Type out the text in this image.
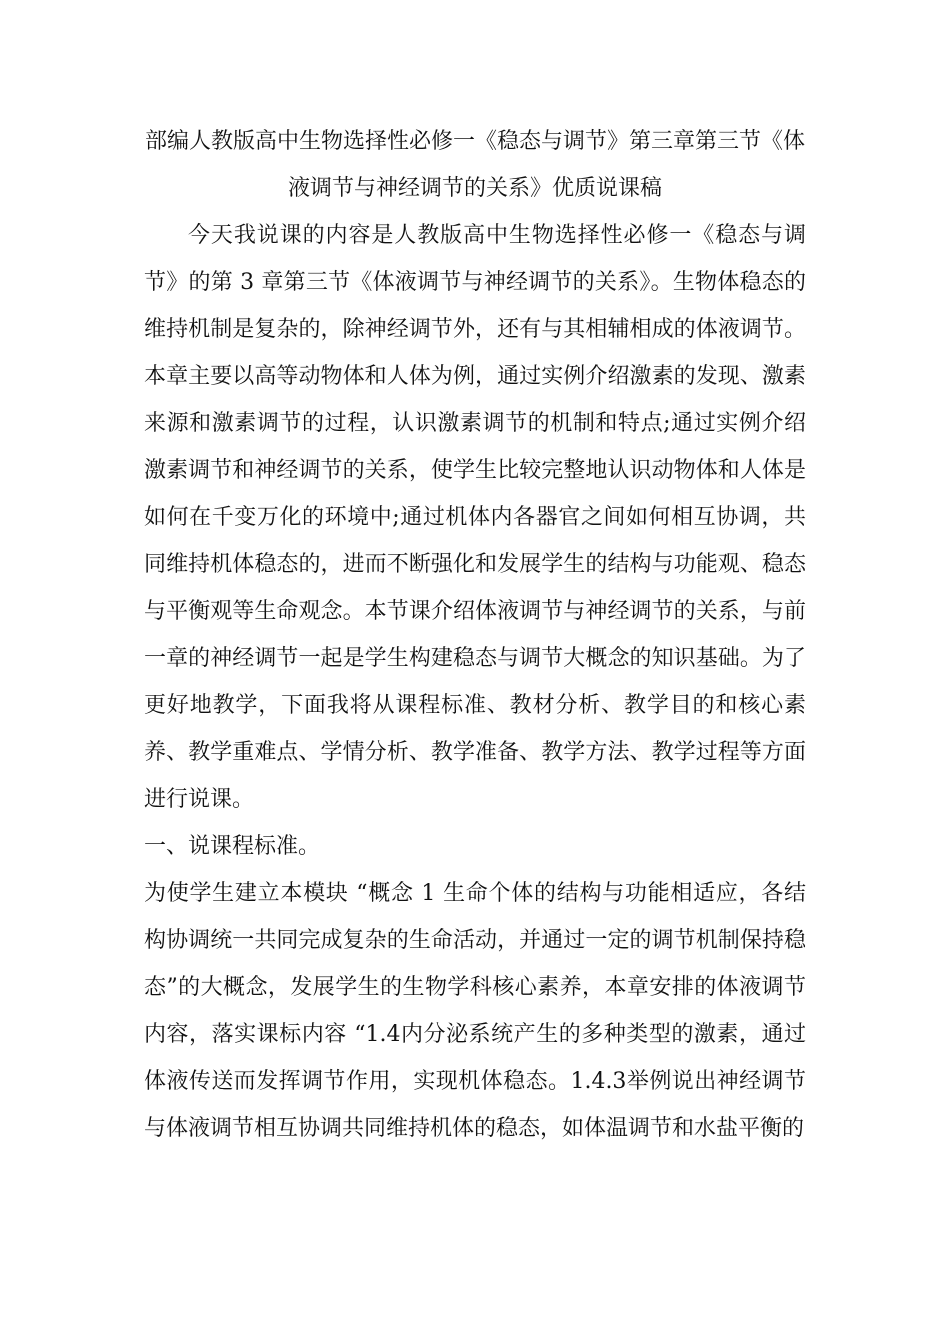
部编人教版高中生物选择性必修一《稳态与调节》第三章第三节《体液调节与神经调节的关系》优质说课稿

今天我说课的内容是人教版高中生物选择性必修一《稳态与调节》的第 3 章第三节《体液调节与神经调节的关系》。生物体稳态的维持机制是复杂的，除神经调节外，还有与其相辅相成的体液调节。本章主要以高等动物体和人体为例，通过实例介绍激素的发现、激素来源和激素调节的过程，认识激素调节的机制和特点;通过实例介绍激素调节和神经调节的关系，使学生比较完整地认识动物体和人体是如何在千变万化的环境中;通过机体内各器官之间如何相互协调，共同维持机体稳态的，进而不断强化和发展学生的结构与功能观、稳态与平衡观等生命观念。本节课介绍体液调节与神经调节的关系，与前一章的神经调节一起是学生构建稳态与调节大概念的知识基础。为了更好地教学，下面我将从课程标准、教材分析、教学目的和核心素养、教学重难点、学情分析、教学准备、教学方法、教学过程等方面进行说课。

一、说课程标准。

为使学生建立本模块 “概念 1 生命个体的结构与功能相适应，各结构协调统一共同完成复杂的生命活动，并通过一定的调节机制保持稳态”的大概念，发展学生的生物学科核心素养，本章安排的体液调节内容，落实课标内容 “1.4内分泌系统产生的多种类型的激素，通过体液传送而发挥调节作用，实现机体稳态。1.4.3举例说出神经调节与体液调节相互协调共同维持机体的稳态，如体温调节和水盐平衡的
